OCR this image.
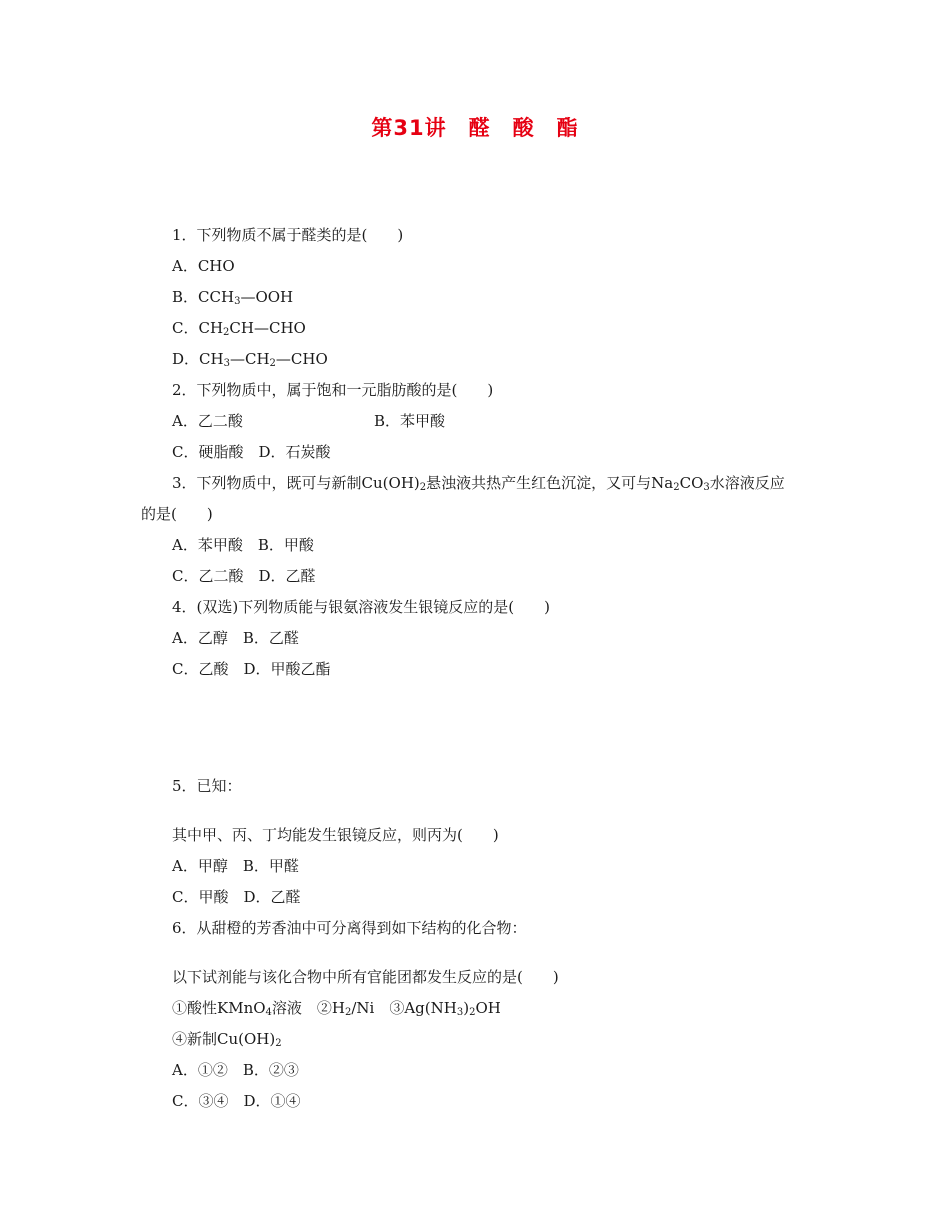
第31讲　醛　酸　酯
1．下列物质不属于醛类的是(　　)
A．CHO
B．$CCH_3—OOH$
C．$CH_2CH—CHO$
D．$CH_3—CH_2—CHO$
2．下列物质中，属于饱和一元脂肪酸的是(　　)
A．乙二酸	B．苯甲酸
C．硬脂酸　D．石炭酸
3．下列物质中，既可与新制$Cu(OH)_2$悬浊液共热产生红色沉淀，又可与$Na_2CO_3$水溶液反应
的是(　　)
A．苯甲酸　B．甲酸
C．乙二酸　D．乙醛
4．(双选)下列物质能与银氨溶液发生银镜反应的是(　　)
A．乙醇　B．乙醛
C．乙酸　D．甲酸乙酯
5．已知：
其中甲、丙、丁均能发生银镜反应，则丙为(　　)
A．甲醇　B．甲醛
C．甲酸　D．乙醛
6．从甜橙的芳香油中可分离得到如下结构的化合物：
以下试剂能与该化合物中所有官能团都发生反应的是(　　)
①酸性KMnO$_4$溶液　$②H_2/Ni$　$③Ag(NH_3)_2OH$
④新制$Cu(OH)_2$
A．①②　B．②③
C．③④　D．①④
